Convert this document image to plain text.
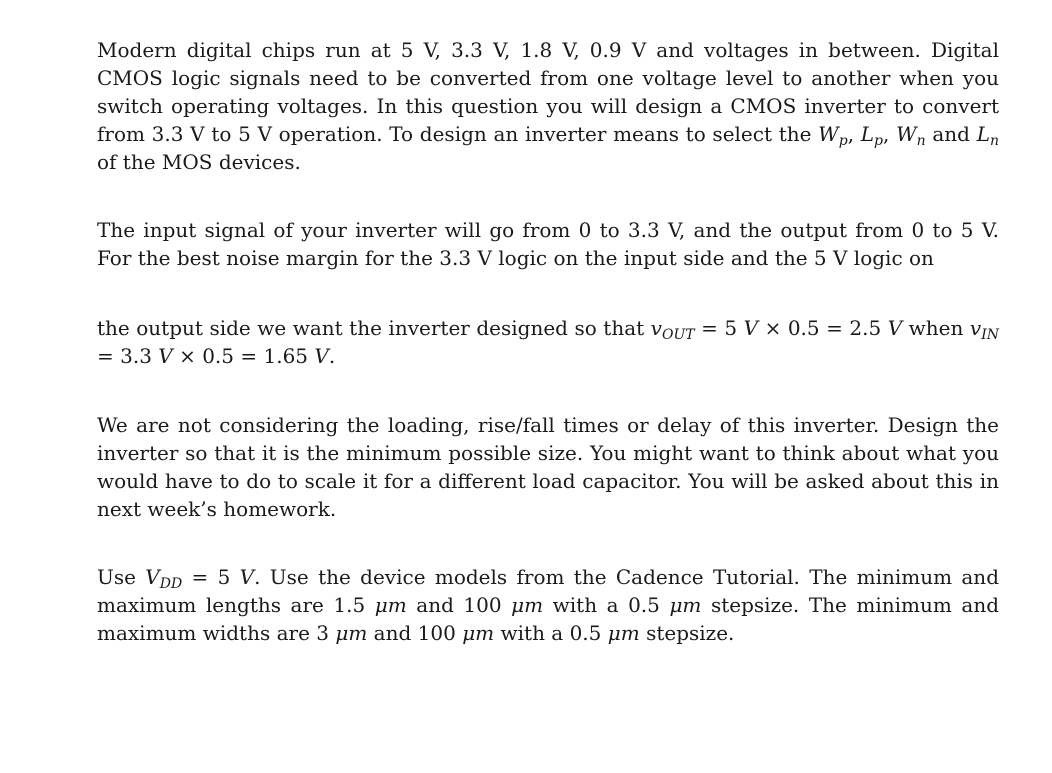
Modern digital chips run at 5 V, 3.3 V, 1.8 V, 0.9 V and voltages in between. Digital CMOS logic signals need to be converted from one voltage level to another when you switch operating voltages. In this question you will design a CMOS inverter to convert from 3.3 V to 5 V operation. To design an inverter means to select the $W_p$, $L_p$, $W_n$ and $L_n$ of the MOS devices.

The input signal of your inverter will go from 0 to 3.3 V, and the output from 0 to 5 V. For the best noise margin for the 3.3 V logic on the input side and the 5 V logic on

the output side we want the inverter designed so that $v_{OUT} = 5$ V × 0.5 = 2.5 V when $v_{IN} = 3.3$ V × 0.5 = 1.65 V.

We are not considering the loading, rise/fall times or delay of this inverter. Design the inverter so that it is the minimum possible size. You might want to think about what you would have to do to scale it for a different load capacitor. You will be asked about this in next week’s homework.

Use $V_{DD} = 5$ V. Use the device models from the Cadence Tutorial. The minimum and maximum lengths are 1.5 μm and 100 μm with a 0.5 μm stepsize. The minimum and maximum widths are 3 μm and 100 μm with a 0.5 μm stepsize.
